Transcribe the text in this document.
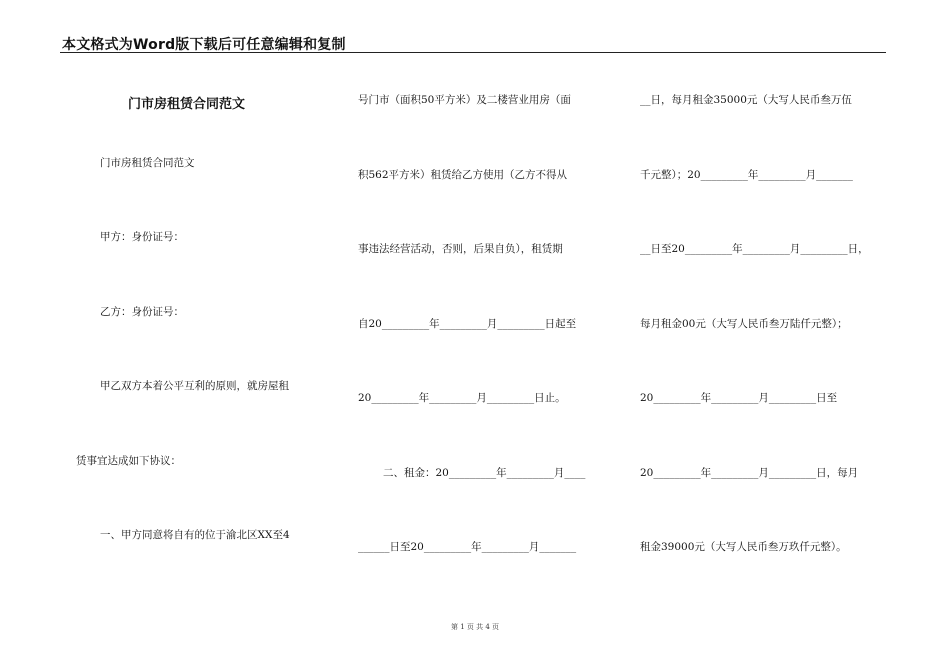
本文格式为Word版下载后可任意编辑和复制
门市房租赁合同范文
门市房租赁合同范文
甲方：身份证号：
乙方：身份证号：
甲乙双方本着公平互利的原则，就房屋租
赁事宜达成如下协议：
一、甲方同意将自有的位于渝北区XX至4
号门市（面积50平方米）及二楼营业用房（面
积562平方米）租赁给乙方使用（乙方不得从
事违法经营活动，否则，后果自负），租赁期
自20_________年_________月_________日起至
20_________年_________月_________日止。
二、租金：20_________年_________月____
______日至20_________年_________月_______
__日，每月租金35000元（大写人民币叁万伍
千元整）；20_________年_________月_______
__日至20_________年_________月_________日，
每月租金00元（大写人民币叁万陆仟元整）；
20_________年_________月_________日至
20_________年_________月_________日，每月
租金39000元（大写人民币叁万玖仟元整）。
第 1 页 共 4 页
